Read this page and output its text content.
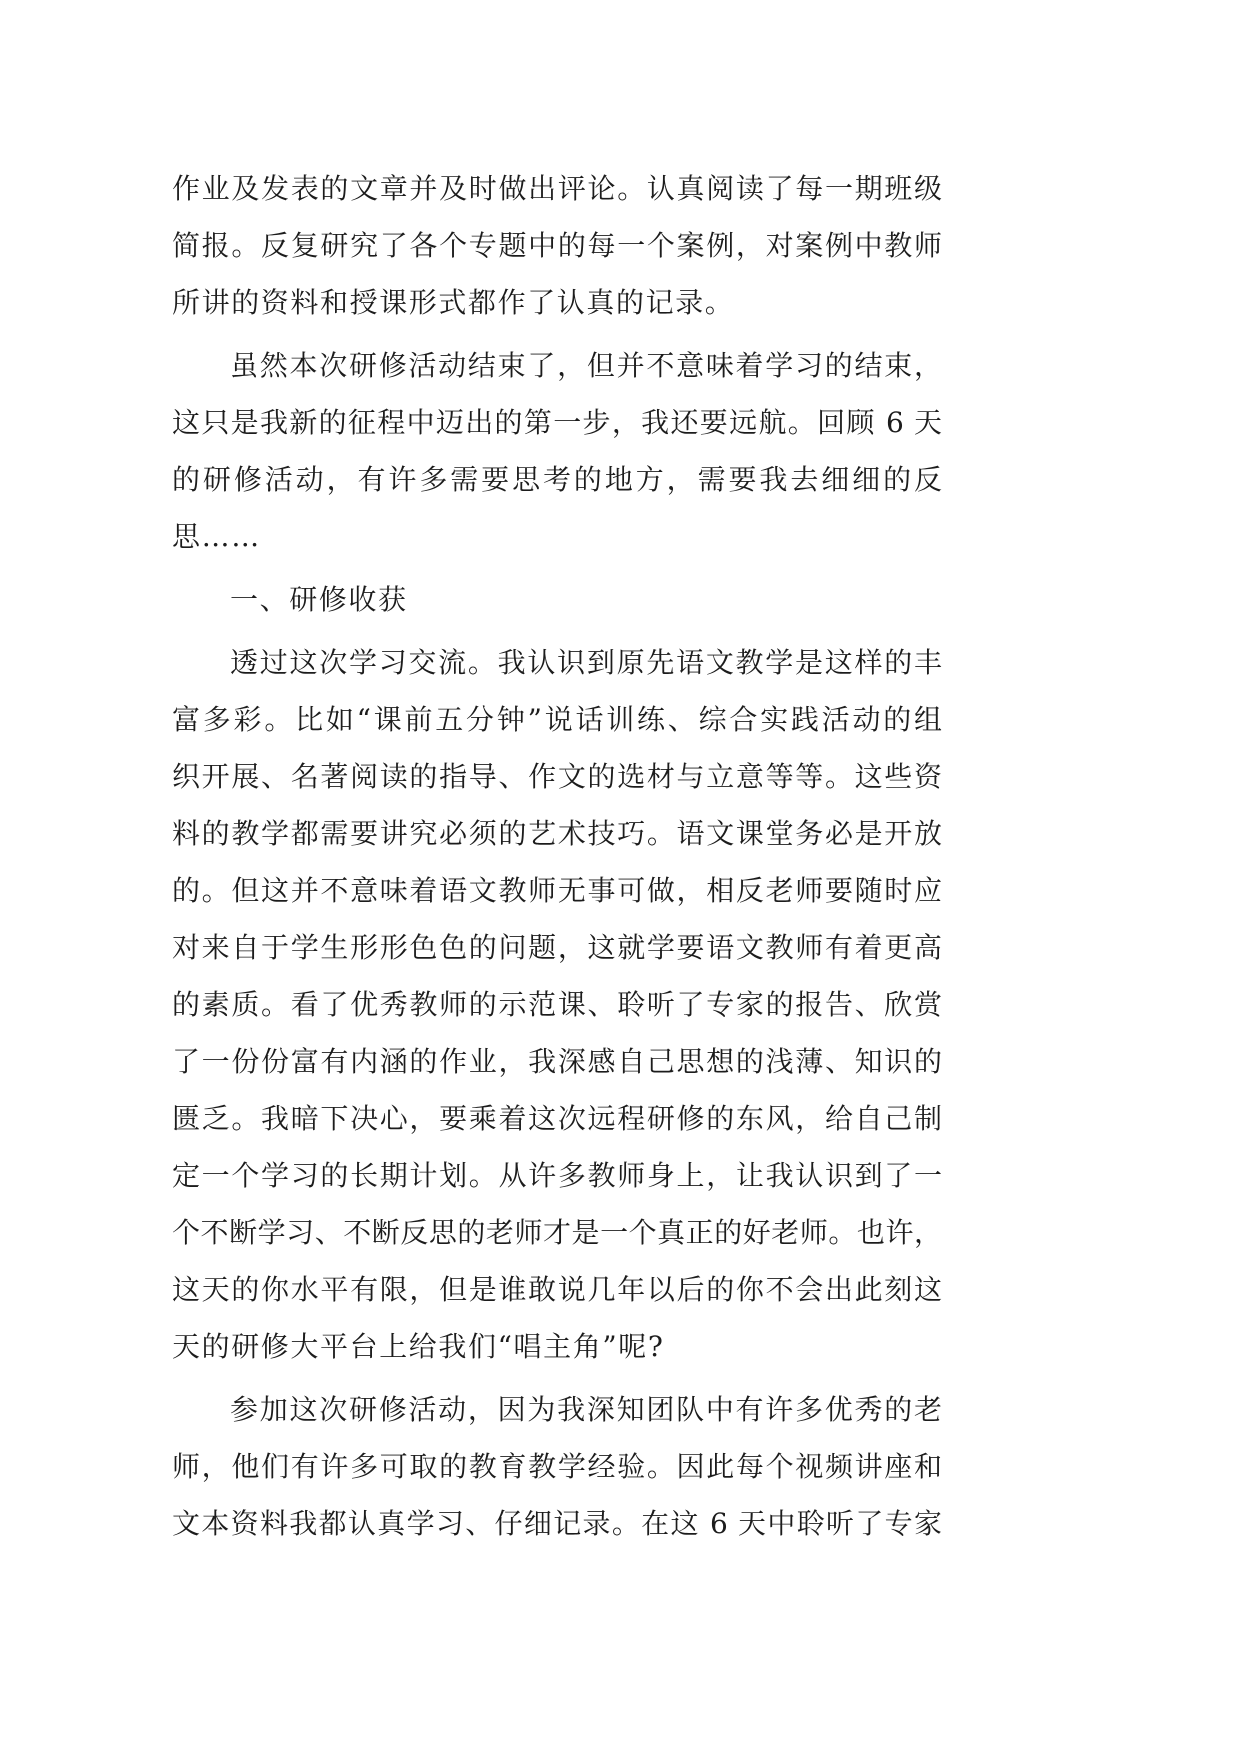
作业及发表的文章并及时做出评论。认真阅读了每一期班级
简报。反复研究了各个专题中的每一个案例，对案例中教师
所讲的资料和授课形式都作了认真的记录。
虽然本次研修活动结束了，但并不意味着学习的结束，
这只是我新的征程中迈出的第一步，我还要远航。回顾 6 天
的研修活动，有许多需要思考的地方，需要我去细细的反
思……
一、研修收获
透过这次学习交流。我认识到原先语文教学是这样的丰
富多彩。比如“课前五分钟”说话训练、综合实践活动的组
织开展、名著阅读的指导、作文的选材与立意等等。这些资
料的教学都需要讲究必须的艺术技巧。语文课堂务必是开放
的。但这并不意味着语文教师无事可做，相反老师要随时应
对来自于学生形形色色的问题，这就学要语文教师有着更高
的素质。看了优秀教师的示范课、聆听了专家的报告、欣赏
了一份份富有内涵的作业，我深感自己思想的浅薄、知识的
匮乏。我暗下决心，要乘着这次远程研修的东风，给自己制
定一个学习的长期计划。从许多教师身上，让我认识到了一
个不断学习、不断反思的老师才是一个真正的好老师。也许，
这天的你水平有限，但是谁敢说几年以后的你不会出此刻这
天的研修大平台上给我们“唱主角”呢?
参加这次研修活动，因为我深知团队中有许多优秀的老
师，他们有许多可取的教育教学经验。因此每个视频讲座和
文本资料我都认真学习、仔细记录。在这 6 天中聆听了专家
